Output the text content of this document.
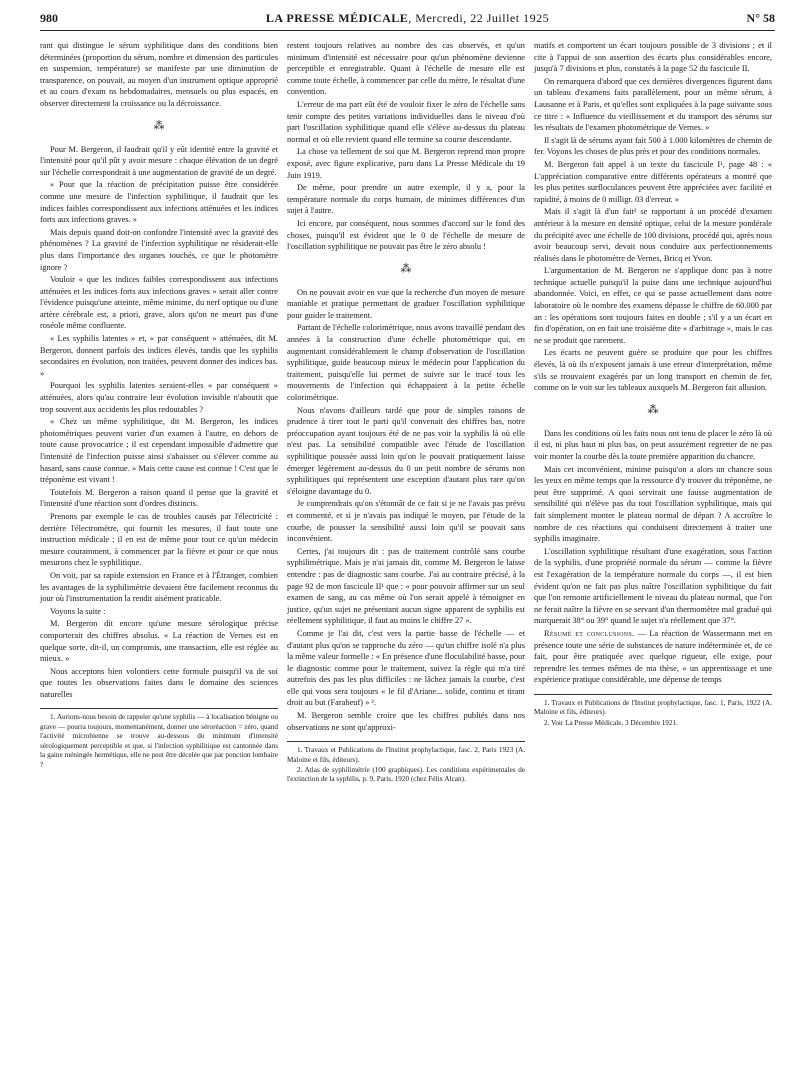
980	LA PRESSE MÉDICALE, Mercredi, 22 Juillet 1925	N° 58

rant qui distingue le sérum syphilitique dans des conditions bien déterminées (proportion du sérum, nombre et dimension des particules en suspension, température) se manifeste par une diminution de transparence, on pouvait, au moyen d'un instrument optique approprié et au cours d'exam ns hebdomadaires, mensuels ou plus espacés, en observer directement la croissance ou la décroissance.

⁂

Pour M. Bergeron, il faudrait qu'il y eût identité entre la gravité et l'intensité pour qu'il pût y avoir mesure : chaque élévation de un degré sur l'échelle correspondrait à une augmentation de gravité de un degré.

« Pour que la réaction de précipitation puisse être considérée comme une mesure de l'infection syphilitique, il faudrait que les indices faibles correspondissent aux infections atténuées et les indices forts aux infections graves. »

Mais depuis quand doit-on confondre l'intensité avec la gravité des phénomènes ? La gravité de l'infection syphilitique ne résiderait-elle plus dans l'importance des organes touchés, ce que le photomètre ignore ?

Vouloir « que les indices faibles correspondissent aux infections atténuées et les indices forts aux infections graves » serait aller contre l'évidence puisqu'une atteinte, même minime, du nerf optique ou d'une artère cérébrale est, a priori, grave, alors qu'on ne meurt pas d'une roséole même confluente.

« Les syphilis latentes » et, « par conséquent » atténuées, dit M. Bergeron, donnent parfois des indices élevés, tandis que les syphilis secondaires en évolution, non traitées, peuvent donner des indices bas. »

Pourquoi les syphilis latentes seraient-elles « par conséquent » atténuées, alors qu'au contraire leur évolution invisible n'aboutit que trop souvent aux accidents les plus redoutables ?

« Chez un même syphilitique, dit M. Bergeron, les indices photométriques peuvent varier d'un examen à l'autre, en dehors de toute cause provocatrice ; il est cependant impossible d'admettre que l'intensité de l'infection puisse ainsi s'abaisser ou s'élever comme au hasard, sans cause connue. » Mais cette cause est connue ! C'est que le tréponème est vivant !

Toutefois M. Bergeron a raison quand il pense que la gravité et l'intensité d'une réaction sont d'ordres distincts.

Prenons par exemple le cas de troubles causés par l'électricité : derrière l'électromètre, qui fournit les mesures, il faut toute une instruction médicale ; il en est de même pour tout ce qu'un médecin mesure couramment, à commencer par la fièvre et pour ce que nous mesurons chez le syphilitique.

On voit, par sa rapide extension en France et à l'Étranger, combien les avantages de la syphilimétrie devaient être facilement reconnus du jour où l'instrumentation la rendit aisément praticable.

Voyons la suite :

M. Bergeron dit encore qu'une mesure sérologique précise comporterait des chiffres absolus. « La réaction de Vernes est en quelque sorte, dit-il, un compromis, une transaction, elle est réglée au mieux. »

Nous acceptons bien volontiers cette formule puisqu'il va de soi que toutes les observations faites dans le domaine des sciences naturelles

1. Aurions-nous besoin de rappeler qu'une syphilis — à localisation bénigne ou grave — pourra toujours, momentanément, donner une séroréaction = zéro, quand l'activité microbienne se trouve au-dessous du minimum d'intensité sérologiquement perceptible et que, si l'infection syphilitique est cantonnée dans la gaine méningée hermétique, elle ne peut être décelée que par ponction lombaire ?

restent toujours relatives au nombre des cas observés, et qu'un minimum d'intensité est nécessaire pour qu'un phénomène devienne perceptible et enregistrable. Quant à l'échelle de mesure elle est comme toute échelle, à commencer par celle du mètre, le résultat d'une convention.

L'erreur de ma part eût été de vouloir fixer le zéro de l'échelle sans tenir compte des petites variations individuelles dans le niveau d'où part l'oscillation syphilitique quand elle s'élève au-dessus du plateau normal et où elle revient quand elle termine sa course descendante.

La chose va tellement de soi que M. Bergeron reprend mon propre exposé, avec figure explicative, paru dans La Presse Médicale du 19 Juin 1919.

De même, pour prendre un autre exemple, il y a, pour la température normale du corps humain, de minimes différences d'un sujet à l'autre.

Ici encore, par conséquent, nous sommes d'accord sur le fond des choses, puisqu'il est évident que le 0 de l'échelle de mesure de l'oscillation syphilitique ne pouvait pas être le zéro absolu !

⁂

On ne pouvait avoir en vue que la recherche d'un moyen de mesure maniable et pratique permettant de graduer l'oscillation syphilitique pour guider le traitement.

Partant de l'échelle colorimétrique, nous avons travaillé pendant des années à la construction d'une échelle photométrique qui, en augmentant considérablement le champ d'observation de l'oscillation syphilitique, guide beaucoup mieux le médecin pour l'application du traitement, puisqu'elle lui permet de suivre sur le tracé tous les mouvements de l'infection qui échappaient à la petite échelle colorimétrique.

Nous n'avons d'ailleurs tardé que pour de simples raisons de prudence à tirer tout le parti qu'il convenait des chiffres bas, notre préoccupation ayant toujours été de ne pas voir la syphilis là où elle n'est pas. La sensibilité compatible avec l'étude de l'oscillation syphilitique poussée aussi loin qu'on le pouvait pratiquement laisse émerger légèrement au-dessus du 0 un petit nombre de sérums non syphilitiques qui représentent une exception d'autant plus rare qu'on s'éloigne davantage du 0.

Je comprendrais qu'on s'étonnât de ce fait si je ne l'avais pas prévu et commenté, et si je n'avais pas indiqué le moyen, par l'étude de la courbe, de pousser la sensibilité aussi loin qu'il se pouvait sans inconvénient.

Certes, j'ai toujours dit : pas de traitement contrôlé sans courbe syphilimétrique. Mais je n'ai jamais dit, comme M. Bergeron le laisse entendre : pas de diagnostic sans courbe. J'ai au contraire précisé, à la page 92 de mon fascicule II¹ que : « pour pouvoir affirmer sur un seul examen de sang, au cas même où l'on serait appelé à témoigner en justice, qu'un sujet ne présentant aucun signe apparent de syphilis est réellement syphilitique, il faut au moins le chiffre 27 ».

Comme je l'ai dit, c'est vers la partie basse de l'échelle — et d'autant plus qu'on se rapproche du zéro — qu'un chiffre isolé n'a plus la même valeur formelle : « En présence d'une floculabilité basse, pour le diagnostic comme pour le traitement, suivez la règle qui m'a tiré autrefois des pas les plus difficiles : ne lâchez jamais la courbe, c'est elle qui vous sera toujours « le fil d'Ariane... solide, continu et tirant droit au but (Farabeuf) » ².

M. Bergeron semble croire que les chiffres publiés dans nos observations ne sont qu'approxi-

1. Travaux et Publications de l'Institut prophylactique, fasc. 2, Paris 1923 (A. Maloine et fils, éditeurs).

2. Atlas de syphilimétrie (100 graphiques). Les conditions expérimentales de l'extinction de la syphilis, p. 9, Paris, 1920 (chez Félix Alcan).

matifs et comportent un écart toujours possible de 3 divisions ; et il cite à l'appui de son assertion des écarts plus considérables encore, jusqu'à 7 divisions et plus, constatés à la page 52 du fascicule II.

On remarquera d'abord que ces dernières divergences figurent dans un tableau d'examens faits parallèlement, pour un même sérum, à Lausanne et à Paris, et qu'elles sont expliquées à la page suivante sous ce titre : « Influence du vieillissement et du transport des sérums sur les résultats de l'examen photométrique de Vernes. »

Il s'agit là de sérums ayant fait 500 à 1.000 kilomètres de chemin de fer. Voyons les choses de plus près et pour des conditions normales.

M. Bergeron fait appel à un texte du fascicule I¹, page 48 : « L'appréciation comparative entre différents opérateurs a montré que les plus petites surfloculances peuvent être appréciées avec facilité et rapidité, à moins de 0 milligr. 03 d'erreur. »

Mais il s'agit là d'un fait² se rapportant à un procédé d'examen antérieur à la mesure en densité optique, celui de la mesure pondérale du précipité avec une échelle de 100 divisions, procédé qui, après nous avoir beaucoup servi, devait nous conduire aux perfectionnements réalisés dans le photomètre de Vernes, Bricq et Yvon.

L'argumentation de M. Bergeron ne s'applique donc pas à notre technique actuelle puisqu'il la puise dans une technique aujourd'hui abandonnée. Voici, en effet, ce qui se passe actuellement dans notre laboratoire où le nombre des examens dépasse le chiffre de 60.000 par an : les opérations sont toujours faites en double ; s'il y a un écart en fin d'opération, on en fait une troisième dite « d'arbitrage », mais le cas ne se produit que rarement.

Les écarts ne peuvent guère se produire que pour les chiffres élevés, là où ils n'exposent jamais à une erreur d'interprétation, même s'ils se trouvaient exagérés par un long transport en chemin de fer, comme on le voit sur les tableaux auxquels M. Bergeron fait allusion.

⁂

Dans les conditions où les faits nous ont tenu de placer le zéro là où il est, ni plus haut ni plus bas, on peut assurément regretter de ne pas voir monter la courbe dès la toute première apparition du chancre.

Mais cet inconvénient, minime puisqu'on a alors un chancre sous les yeux en même temps que la ressource d'y trouver du tréponème, ne peut être supprimé. A quoi servirait une fausse augmentation de sensibilité qui n'élève pas du tout l'oscillation syphilitique, mais qui fait simplement monter le plateau normal de départ ? A accroître le nombre de ces réactions qui conduisent directement à traiter une syphilis imaginaire.

L'oscillation syphilitique résultant d'une exagération, sous l'action de la syphilis, d'une propriété normale du sérum — comme la fièvre est l'exagération de la température normale du corps —, il est bien évident qu'on ne fait pas plus naître l'oscillation syphilitique du fait que l'on remonte artificiellement le niveau du plateau normal, que l'on ne ferait naître la fièvre en se servant d'un thermomètre mal gradué qui marquerait 38° ou 39° quand le sujet n'a réellement que 37°.

Résumé et conclusions. — La réaction de Wassermann met en présence toute une série de substances de nature indéterminée et, de ce fait, pour être pratiquée avec quelque rigueur, elle exige, pour reprendre les termes mêmes de ma thèse, « un apprentissage et une expérience pratique considérable, une dépense de temps

1. Travaux et Publications de l'Institut prophylactique, fasc. 1, Paris, 1922 (A. Maloine et fils, éditeurs).

2. Voir La Presse Médicale, 3 Décembre 1921.
